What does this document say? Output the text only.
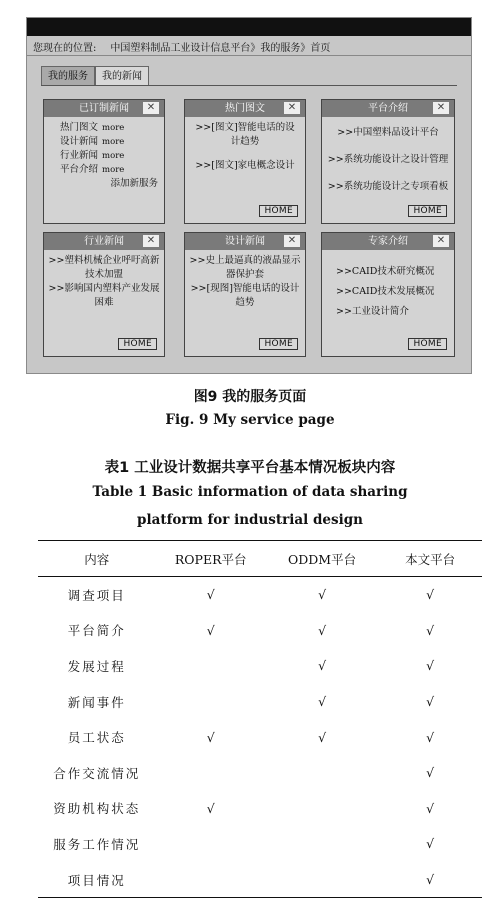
您现在的位置: 中国塑料制品工业设计信息平台》我的服务》首页
我的服务	我的新闻
已订制新闻	✕
热门图文 more
设计新闻 more
行业新闻 more
平台介绍 more
添加新服务
热门图文	✕
>>[图文]智能电话的设计趋势
>>[图文]家电概念设计
HOME
平台介绍	✕
>>中国塑料品设计平台
>>系统功能设计之设计管理
>>系统功能设计之专项看板
HOME
行业新闻	✕
>>塑料机械企业呼吁高新技术加盟
>>影响国内塑料产业发展困难
HOME
设计新闻	✕
>>史上最逼真的液晶显示器保护套
>>[现图]智能电话的设计趋势
HOME
专家介绍	✕
>>CAID技术研究概况
>>CAID技术发展概况
>>工业设计简介
HOME
图9 我的服务页面
Fig. 9 My service page
表1 工业设计数据共享平台基本情况板块内容
Table 1 Basic information of data sharing
platform for industrial design
内容	ROPER平台	ODDM平台	本文平台
调查项目	√	√	√
平台简介	√	√	√
发展过程		√	√
新闻事件		√	√
员工状态	√	√	√
合作交流情况			√
资助机构状态	√		√
服务工作情况			√
项目情况			√
